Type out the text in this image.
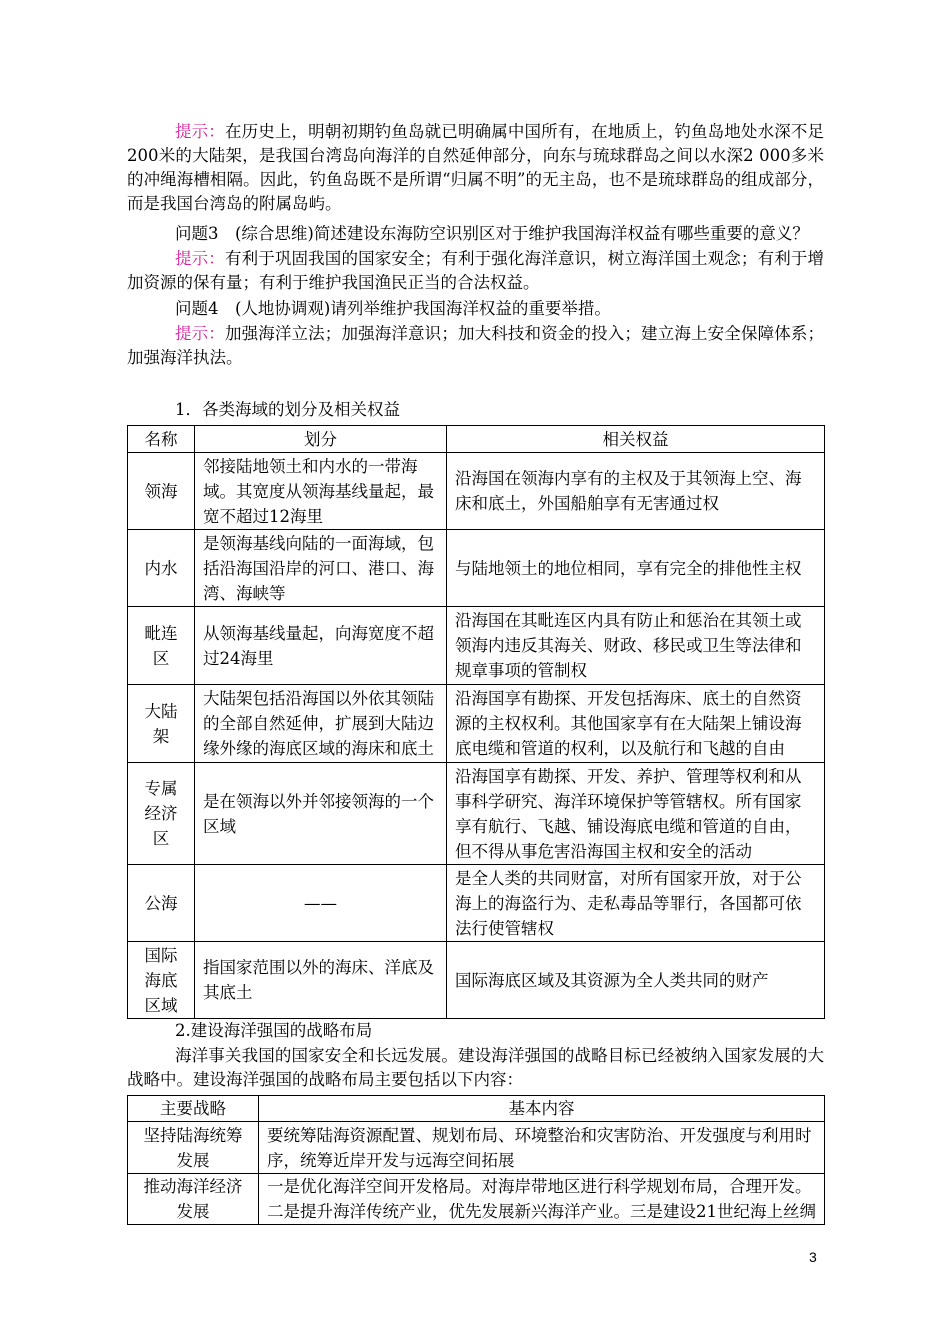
提示：在历史上，明朝初期钓鱼岛就已明确属中国所有，在地质上，钓鱼岛地处水深不足200米的大陆架，是我国台湾岛向海洋的自然延伸部分，向东与琉球群岛之间以水深2 000多米的冲绳海槽相隔。因此，钓鱼岛既不是所谓“归属不明”的无主岛，也不是琉球群岛的组成部分，而是我国台湾岛的附属岛屿。

问题3　(综合思维)简述建设东海防空识别区对于维护我国海洋权益有哪些重要的意义？

提示：有利于巩固我国的国家安全；有利于强化海洋意识，树立海洋国土观念；有利于增加资源的保有量；有利于维护我国渔民正当的合法权益。

问题4　(人地协调观)请列举维护我国海洋权益的重要举措。

提示：加强海洋立法；加强海洋意识；加大科技和资金的投入；建立海上安全保障体系；加强海洋执法。

1．各类海域的划分及相关权益

名称	划分	相关权益
领海	邻接陆地领土和内水的一带海域。其宽度从领海基线量起，最宽不超过12海里	沿海国在领海内享有的主权及于其领海上空、海床和底土，外国船舶享有无害通过权
内水	是领海基线向陆的一面海域，包括沿海国沿岸的河口、港口、海湾、海峡等	与陆地领土的地位相同，享有完全的排他性主权
毗连区	从领海基线量起，向海宽度不超过24海里	沿海国在其毗连区内具有防止和惩治在其领土或领海内违反其海关、财政、移民或卫生等法律和规章事项的管制权
大陆架	大陆架包括沿海国以外依其领陆的全部自然延伸，扩展到大陆边缘外缘的海底区域的海床和底土	沿海国享有勘探、开发包括海床、底土的自然资源的主权权利。其他国家享有在大陆架上铺设海底电缆和管道的权利，以及航行和飞越的自由
专属经济区	是在领海以外并邻接领海的一个区域	沿海国享有勘探、开发、养护、管理等权利和从事科学研究、海洋环境保护等管辖权。所有国家享有航行、飞越、铺设海底电缆和管道的自由，但不得从事危害沿海国主权和安全的活动
公海	——	是全人类的共同财富，对所有国家开放，对于公海上的海盗行为、走私毒品等罪行，各国都可依法行使管辖权
国际海底区域	指国家范围以外的海床、洋底及其底土	国际海底区域及其资源为全人类共同的财产

2.建设海洋强国的战略布局

海洋事关我国的国家安全和长远发展。建设海洋强国的战略目标已经被纳入国家发展的大战略中。建设海洋强国的战略布局主要包括以下内容：

主要战略	基本内容
坚持陆海统筹发展	要统筹陆海资源配置、规划布局、环境整治和灾害防治、开发强度与利用时序，统筹近岸开发与远海空间拓展
推动海洋经济发展	一是优化海洋空间开发格局。对海岸带地区进行科学规划布局，合理开发。二是提升海洋传统产业，优先发展新兴海洋产业。三是建设21世纪海上丝绸
3
